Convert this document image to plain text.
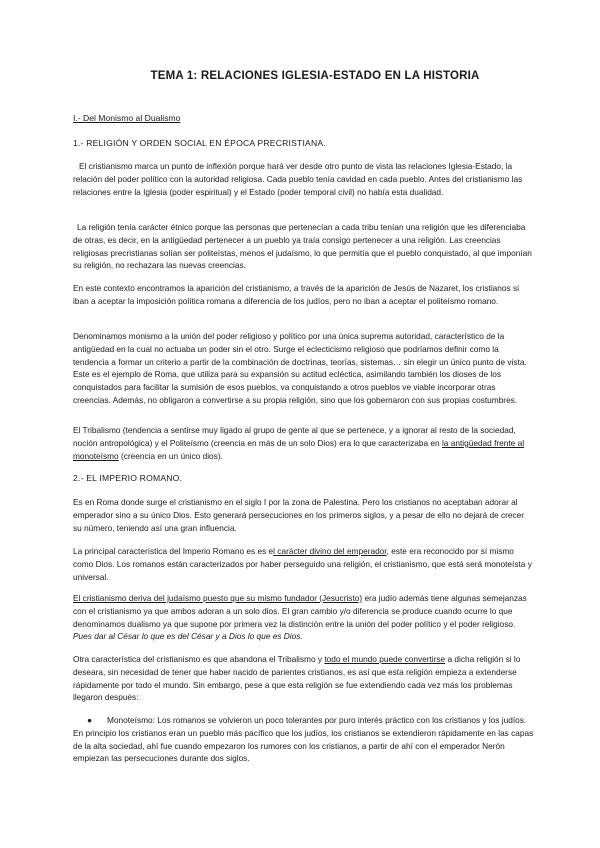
TEMA 1: RELACIONES IGLESIA-ESTADO EN LA HISTORIA
I.- Del Monismo al Dualismo
1.- RELIGIÓN Y ORDEN SOCIAL EN ÉPOCA PRECRISTIANA.
El cristianismo marca un punto de inflexión porque hará ver desde otro punto de vista las relaciones Iglesia-Estado, la relación del poder político con la autoridad religiosa. Cada pueblo tenía cavidad en cada pueblo. Antes del cristianismo las relaciones entre la Iglesia (poder espiritual) y el Estado (poder temporal civil) no había esta dualidad.
La religión tenía carácter étnico porque las personas que pertenecían a cada tribu tenían una religión que les diferenciaba de otras, es decir, en la antigüedad pertenecer a un pueblo ya traía consigo pertenecer a una religión. Las creencias religiosas precristianas solían ser politeístas, menos el judaísmo, lo que permitía que el pueblo conquistado, al que imponían su religión, no rechazara las nuevas creencias.
En este contexto encontramos la aparición del cristianismo, a través de la aparición de Jesús de Nazaret, los cristianos si iban a aceptar la imposición política romana a diferencia de los judíos, pero no iban a aceptar el politeísmo romano.
Denominamos monismo a la unión del poder religioso y político por una única suprema autoridad, característico de la antigüedad en la cual no actuaba un poder sin el otro. Surge el eclecticismo religioso que podríamos definir como la tendencia a formar un criterio a partir de la combinación de doctrinas, teorías, sistemas… sin elegir un único punto de vista. Este es el ejemplo de Roma, que utiliza para su expansión su actitud ecléctica, asimilando también los dioses de los conquistados para facilitar la sumisión de esos pueblos, va conquistando a otros pueblos ve viable incorporar otras creencias. Además, no obligaron a convertirse a su propia religión, sino que los gobernaron con sus propias costumbres.
El Tribalismo (tendencia a sentirse muy ligado al grupo de gente al que se pertenece, y a ignorar al resto de la sociedad, noción antropológica) y el Politeísmo (creencia en más de un solo Dios) era lo que caracterizaba en la antigüedad frente al monoteísmo (creencia en un único dios).
2.- EL IMPERIO ROMANO.
Es en Roma donde surge el cristianismo en el siglo I por la zona de Palestina. Pero los cristianos no aceptaban adorar al emperador sino a su único Dios. Esto generará persecuciones en los primeros siglos, y a pesar de ello no dejará de crecer su número, teniendo así una gran influencia.
La principal característica del Imperio Romano es es el carácter divino del emperador, este era reconocido por sí mismo como Dios. Los romanos están caracterizados por haber perseguido una religión, el cristianismo, que está será monoteísta y universal.
El cristianismo deriva del judaísmo puesto que su mismo fundador (Jesucristo) era judío además tiene algunas semejanzas con el cristianismo ya que ambos adoran a un solo dios. El gran cambio y/o diferencia se produce cuando ocurre lo que denominamos dualismo ya que supone por primera vez la distinción entre la unión del poder político y el poder religioso. Pues dar al César lo que es del César y a Dios lo que es Dios.
Otra característica del cristianismo es que abandona el Tribalismo y todo el mundo puede convertirse a dicha religión si lo deseara, sin necesidad de tener que haber nacido de parientes cristianos, es así que esta religión empieza a extenderse rápidamente por todo el mundo. Sin embargo, pese a que esta religión se fue extendiendo cada vez más los problemas llegaron después:
● Monoteísmo: Los romanos se volvieron un poco tolerantes por puro interés práctico con los cristianos y los judíos. En principio los cristianos eran un pueblo más pacífico que los judíos, los cristianos se extendieron rápidamente en las capas de la alta sociedad, ahí fue cuando empezaron los rumores con los cristianos, a partir de ahí con el emperador Nerón empiezan las persecuciones durante dos siglos.
